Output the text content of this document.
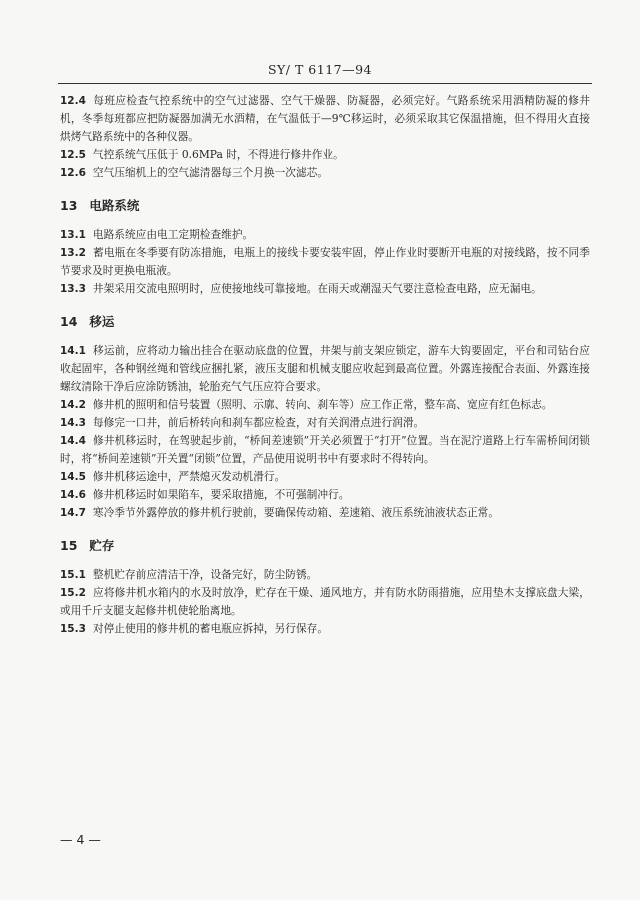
SY/ T 6117—94

12.4 每班应检查气控系统中的空气过滤器、空气干燥器、防凝器，必须完好。气路系统采用酒精防凝的修井机，冬季每班都应把防凝器加满无水酒精，在气温低于—9℃移运时，必须采取其它保温措施，但不得用火直接烘烤气路系统中的各种仪器。

12.5 气控系统气压低于 0.6MPa 时，不得进行修井作业。

12.6 空气压缩机上的空气滤清器每三个月换一次滤芯。

13 电路系统

13.1 电路系统应由电工定期检查维护。

13.2 蓄电瓶在冬季要有防冻措施，电瓶上的接线卡要安装牢固，停止作业时要断开电瓶的对接线路，按不同季节要求及时更换电瓶液。

13.3 井架采用交流电照明时，应使接地线可靠接地。在雨天或潮湿天气要注意检查电路，应无漏电。

14 移运

14.1 移运前，应将动力输出挂合在驱动底盘的位置，井架与前支架应锁定，游车大钩要固定，平台和司钻台应收起固牢，各种钢丝绳和管线应捆扎紧，液压支腿和机械支腿应收起到最高位置。外露连接配合表面、外露连接螺纹清除干净后应涂防锈油，轮胎充气气压应符合要求。

14.2 修井机的照明和信号装置（照明、示廓、转向、刹车等）应工作正常，整车高、宽应有红色标志。

14.3 每修完一口井，前后桥转向和刹车都应检查，对有关润滑点进行润滑。

14.4 修井机移运时，在驾驶起步前，“桥间差速锁”开关必须置于“打开”位置。当在泥泞道路上行车需桥间闭锁时，将“桥间差速锁”开关置“闭锁”位置，产品使用说明书中有要求时不得转向。

14.5 修井机移运途中，严禁熄灭发动机滑行。

14.6 修井机移运时如果陷车，要采取措施，不可强制冲行。

14.7 寒冷季节外露停放的修井机行驶前，要确保传动箱、差速箱、液压系统油液状态正常。

15 贮存

15.1 整机贮存前应清洁干净，设备完好，防尘防锈。

15.2 应将修井机水箱内的水及时放净，贮存在干燥、通风地方，并有防水防雨措施，应用垫木支撑底盘大梁，或用千斤支腿支起修井机使轮胎离地。

15.3 对停止使用的修井机的蓄电瓶应拆掉，另行保存。

— 4 —
